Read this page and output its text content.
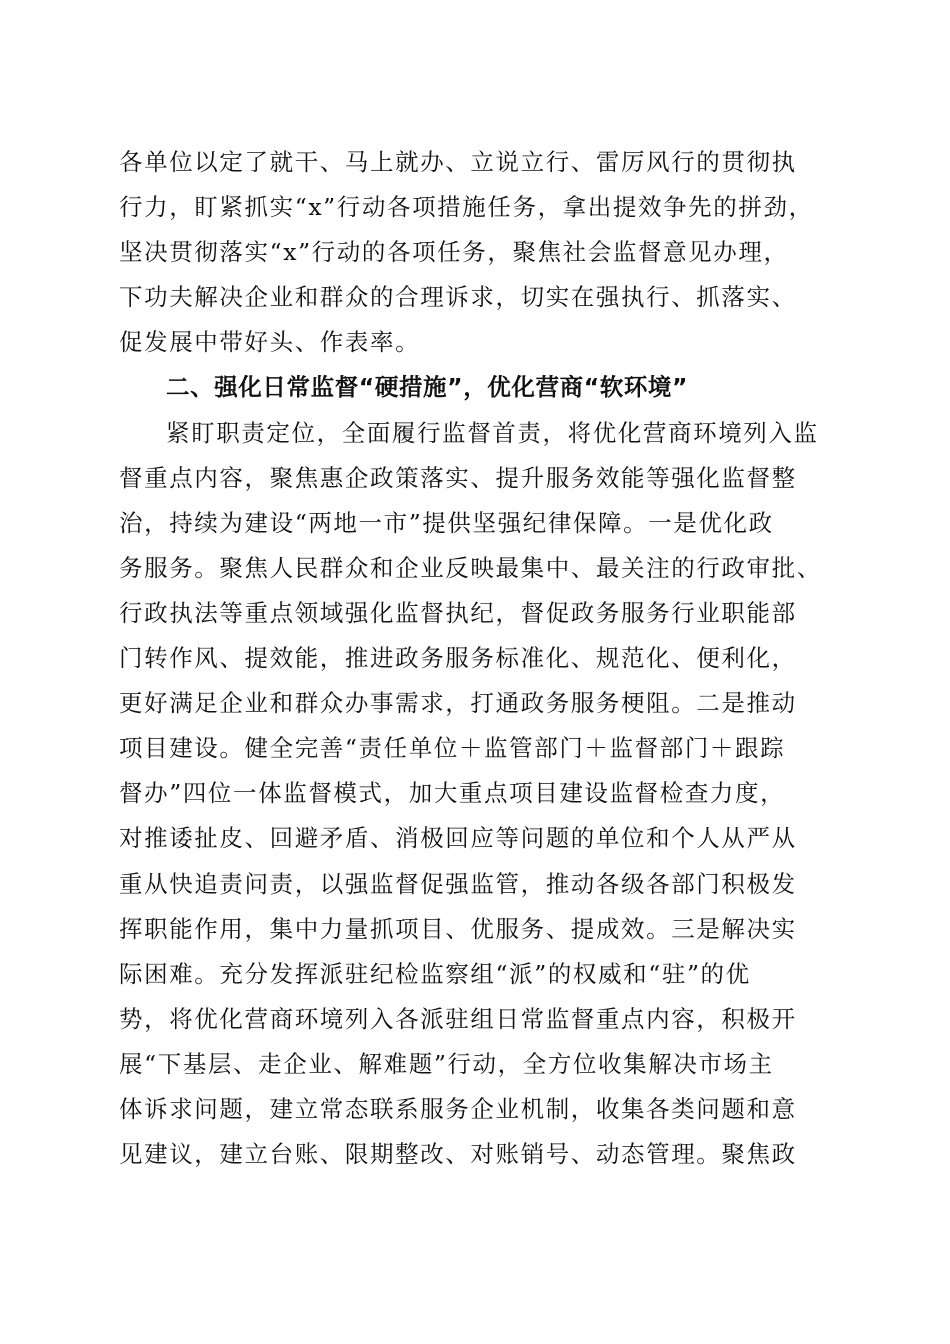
各单位以定了就干、马上就办、立说立行、雷厉风行的贯彻执
行力，盯紧抓实“x”行动各项措施任务，拿出提效争先的拼劲，
坚决贯彻落实“x”行动的各项任务，聚焦社会监督意见办理，
下功夫解决企业和群众的合理诉求，切实在强执行、抓落实、
促发展中带好头、作表率。
二、强化日常监督“硬措施”，优化营商“软环境”
紧盯职责定位，全面履行监督首责，将优化营商环境列入监
督重点内容，聚焦惠企政策落实、提升服务效能等强化监督整
治，持续为建设“两地一市”提供坚强纪律保障。一是优化政
务服务。聚焦人民群众和企业反映最集中、最关注的行政审批、
行政执法等重点领域强化监督执纪，督促政务服务行业职能部
门转作风、提效能，推进政务服务标准化、规范化、便利化，
更好满足企业和群众办事需求，打通政务服务梗阻。二是推动
项目建设。健全完善“责任单位＋监管部门＋监督部门＋跟踪
督办”四位一体监督模式，加大重点项目建设监督检查力度，
对推诿扯皮、回避矛盾、消极回应等问题的单位和个人从严从
重从快追责问责，以强监督促强监管，推动各级各部门积极发
挥职能作用，集中力量抓项目、优服务、提成效。三是解决实
际困难。充分发挥派驻纪检监察组“派”的权威和“驻”的优
势，将优化营商环境列入各派驻组日常监督重点内容，积极开
展“下基层、走企业、解难题”行动，全方位收集解决市场主
体诉求问题，建立常态联系服务企业机制，收集各类问题和意
见建议，建立台账、限期整改、对账销号、动态管理。聚焦政
